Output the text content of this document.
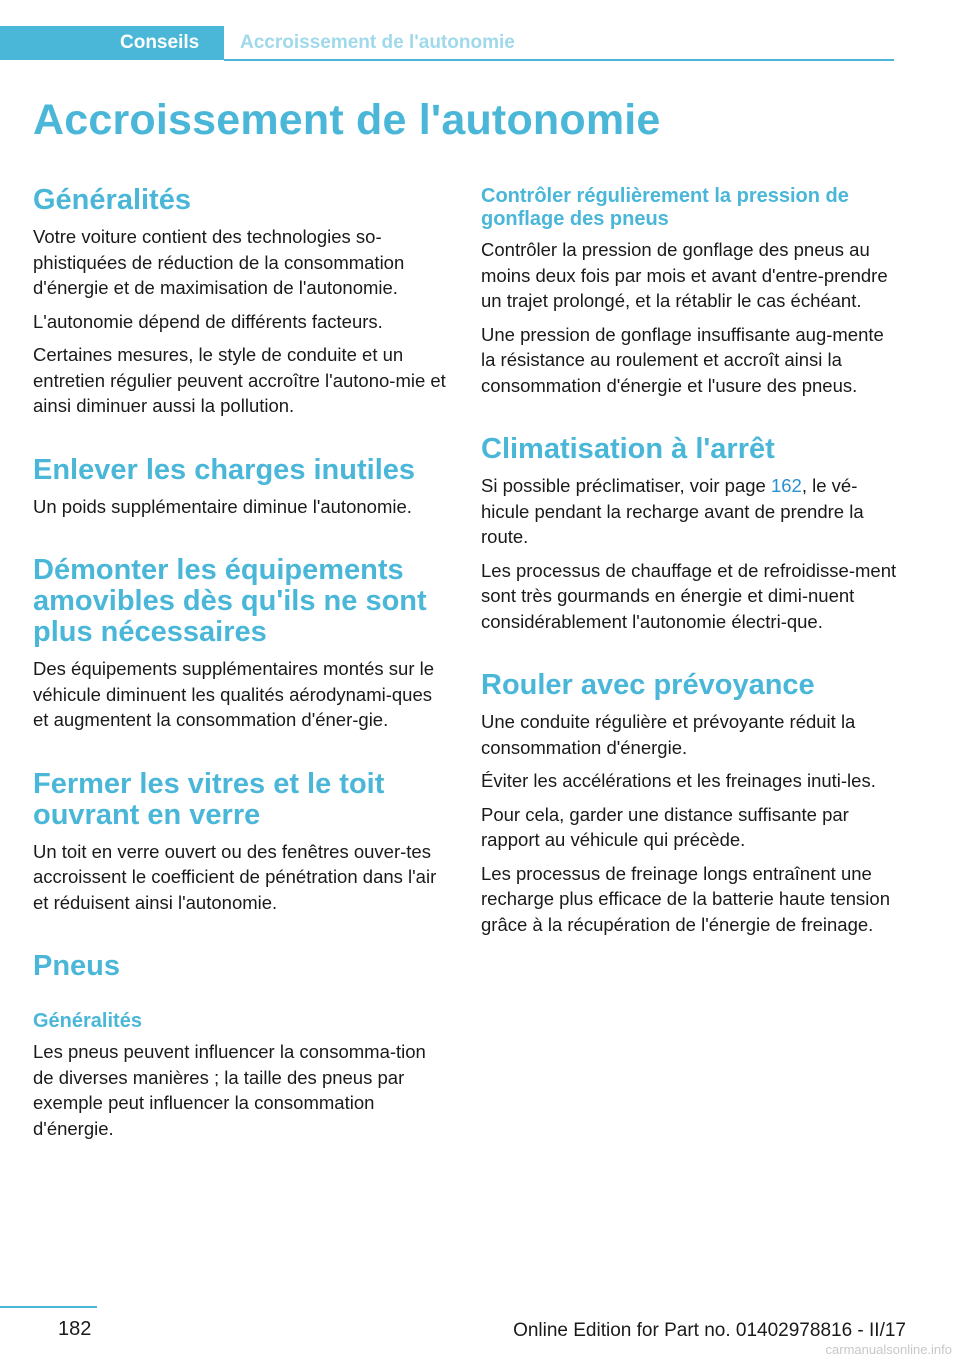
Conseils	Accroissement de l'autonomie
Accroissement de l'autonomie
Généralités

Votre voiture contient des technologies so-phistiquées de réduction de la consommation d'énergie et de maximisation de l'autonomie.

L'autonomie dépend de différents facteurs.

Certaines mesures, le style de conduite et un entretien régulier peuvent accroître l'autono-mie et ainsi diminuer aussi la pollution.

Enlever les charges inutiles

Un poids supplémentaire diminue l'autonomie.

Démonter les équipements amovibles dès qu'ils ne sont plus nécessaires

Des équipements supplémentaires montés sur le véhicule diminuent les qualités aérodynami-ques et augmentent la consommation d'éner-gie.

Fermer les vitres et le toit ouvrant en verre

Un toit en verre ouvert ou des fenêtres ouver-tes accroissent le coefficient de pénétration dans l'air et réduisent ainsi l'autonomie.

Pneus
Généralités

Les pneus peuvent influencer la consomma-tion de diverses manières ; la taille des pneus par exemple peut influencer la consommation d'énergie.

Contrôler régulièrement la pression de gonflage des pneus

Contrôler la pression de gonflage des pneus au moins deux fois par mois et avant d'entre-prendre un trajet prolongé, et la rétablir le cas échéant.

Une pression de gonflage insuffisante aug-mente la résistance au roulement et accroît ainsi la consommation d'énergie et l'usure des pneus.

Climatisation à l'arrêt

Si possible préclimatiser, voir page 162, le vé-hicule pendant la recharge avant de prendre la route.

Les processus de chauffage et de refroidisse-ment sont très gourmands en énergie et dimi-nuent considérablement l'autonomie électri-que.

Rouler avec prévoyance

Une conduite régulière et prévoyante réduit la consommation d'énergie.

Éviter les accélérations et les freinages inuti-les.

Pour cela, garder une distance suffisante par rapport au véhicule qui précède.

Les processus de freinage longs entraînent une recharge plus efficace de la batterie haute tension grâce à la récupération de l'énergie de freinage.

182	Online Edition for Part no. 01402978816 - II/17
carmanualsonline.info
